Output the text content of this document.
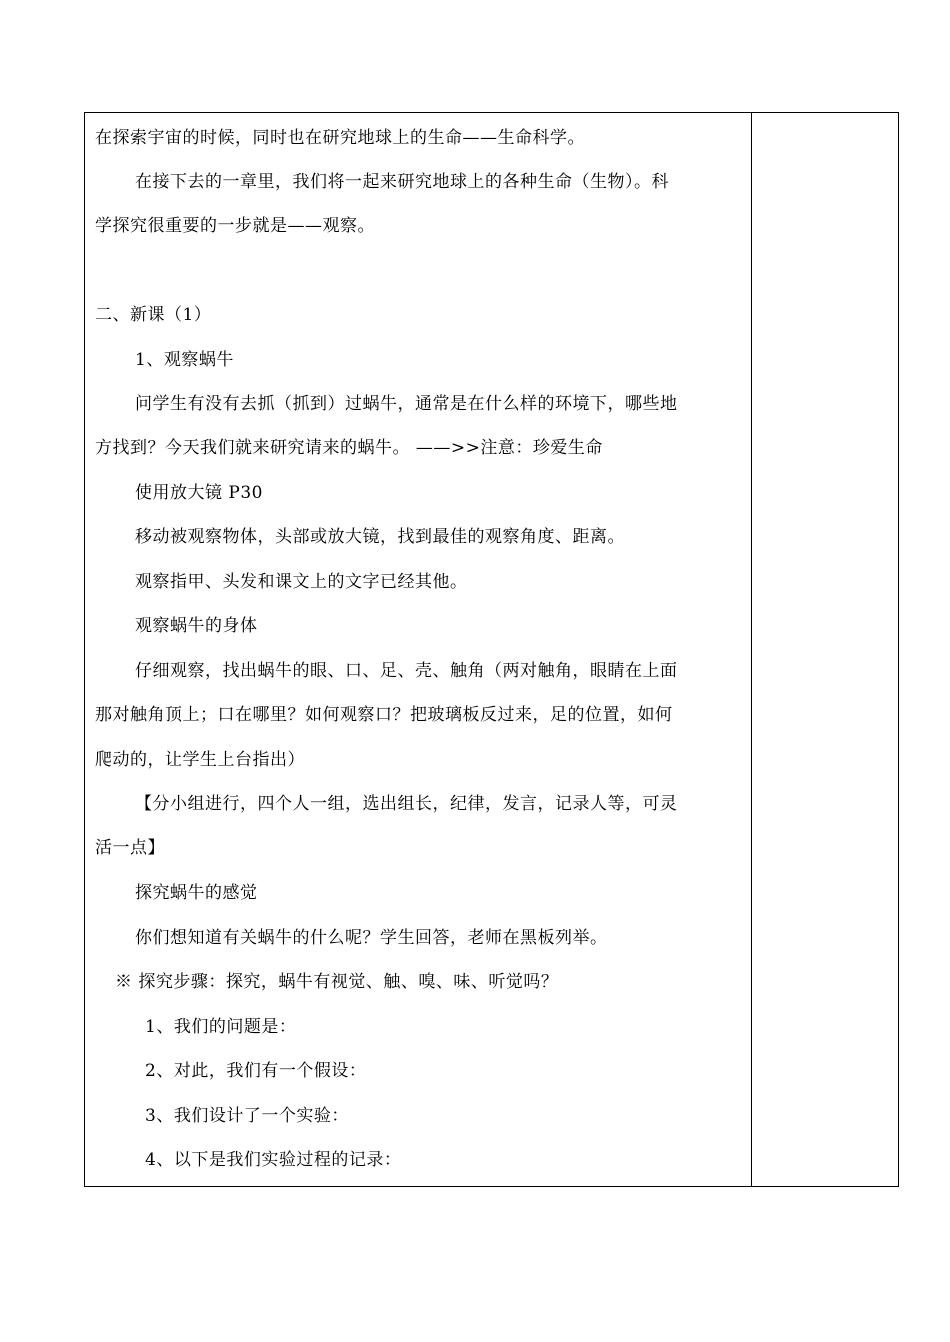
在探索宇宙的时候，同时也在研究地球上的生命——生命科学。
在接下去的一章里，我们将一起来研究地球上的各种生命（生物）。科
学探究很重要的一步就是——观察。
二、新课（1）
1、观察蜗牛
问学生有没有去抓（抓到）过蜗牛，通常是在什么样的环境下，哪些地
方找到？今天我们就来研究请来的蜗牛。 ——>>注意：珍爱生命
使用放大镜 P30
移动被观察物体，头部或放大镜，找到最佳的观察角度、距离。
观察指甲、头发和课文上的文字已经其他。
观察蜗牛的身体
仔细观察，找出蜗牛的眼、口、足、壳、触角（两对触角，眼睛在上面
那对触角顶上；口在哪里？如何观察口？把玻璃板反过来，足的位置，如何
爬动的，让学生上台指出）
【分小组进行，四个人一组，选出组长，纪律，发言，记录人等，可灵
活一点】
探究蜗牛的感觉
你们想知道有关蜗牛的什么呢？学生回答，老师在黑板列举。
※ 探究步骤：探究，蜗牛有视觉、触、嗅、味、听觉吗？
1、我们的问题是：
2、对此，我们有一个假设：
3、我们设计了一个实验：
4、以下是我们实验过程的记录：
